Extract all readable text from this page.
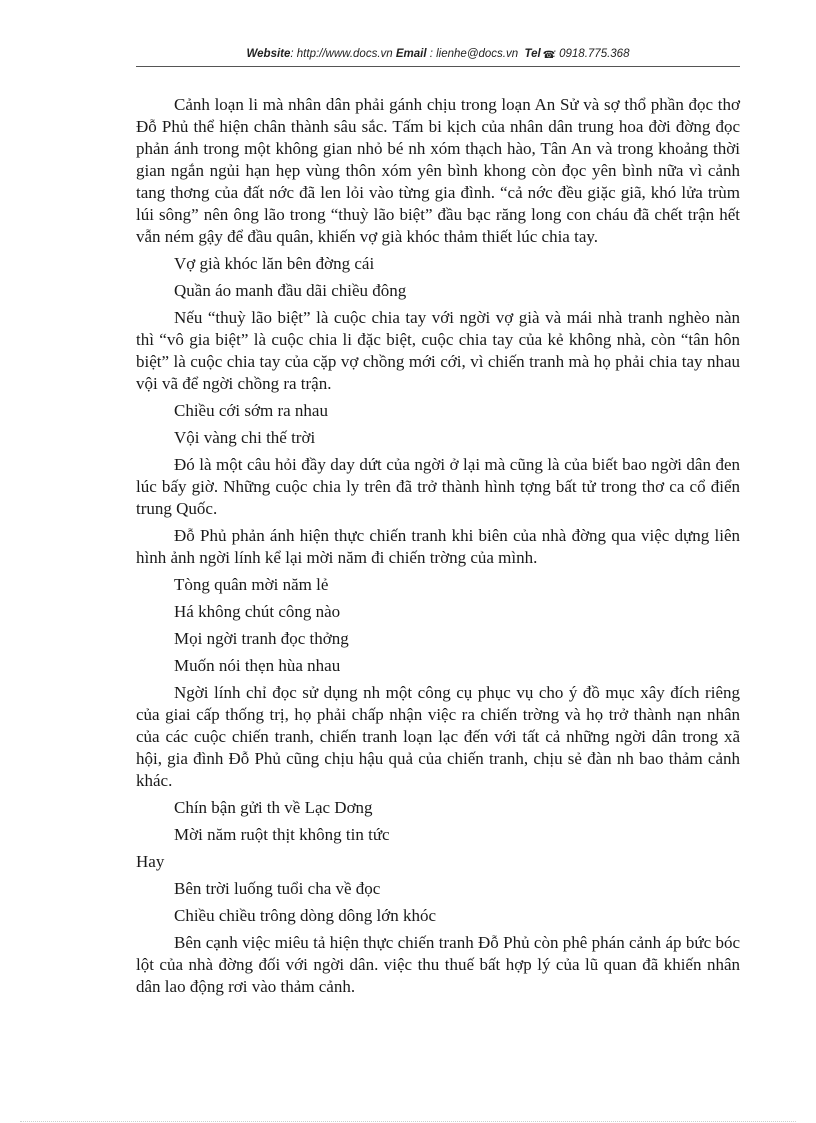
Website: http://www.docs.vn Email : lienhe@docs.vn Tel ☎: 0918.775.368

Cảnh loạn li mà nhân dân phải gánh chịu trong loạn An Sử và sợ thổ phần đọc thơ Đỗ Phủ thể hiện chân thành sâu sắc. Tấm bi kịch của nhân dân trung hoa đời đờng đọc phản ánh trong một không gian nhỏ bé nh xóm thạch hào, Tân An và trong khoảng thời gian ngắn ngủi hạn hẹp vùng thôn xóm yên bình khong còn đọc yên bình nữa vì cảnh tang thơng của đất nớc đã len lỏi vào từng gia đình. “cả nớc đều giặc giã, khó lửa trùm lúi sông” nên ông lão trong “thuỳ lão biệt” đầu bạc răng long con cháu đã chết trận hết vẫn ném gậy để đầu quân, khiến vợ già khóc thảm thiết lúc chia tay.

Vợ già khóc lăn bên đờng cái

Quần áo manh đầu dãi chiều đông

Nếu “thuỳ lão biệt” là cuộc chia tay với ngời vợ già và mái nhà tranh nghèo nàn thì “vô gia biệt” là cuộc chia li đặc biệt, cuộc chia tay của kẻ không nhà, còn “tân hôn biệt” là cuộc chia tay của cặp vợ chồng mới cới, vì chiến tranh mà họ phải chia tay nhau vội vã để ngời chồng ra trận.

Chiều cới sớm ra nhau

Vội vàng chi thế trời

Đó là một câu hỏi đầy day dứt của ngời ở lại mà cũng là của biết bao ngời dân đen lúc bấy giờ. Những cuộc chia ly trên đã trở thành hình tợng bất tử trong thơ ca cổ điển trung Quốc.

Đỗ Phủ phản ánh hiện thực chiến tranh khi biên của nhà đờng qua việc dựng liên hình ảnh ngời lính kể lại mời năm đi chiến trờng của mình.

Tòng quân mời năm lẻ

Há không chút công nào

Mọi ngời tranh đọc thởng

Muốn nói thẹn hùa nhau

Ngời lính chỉ đọc sử dụng nh một công cụ phục vụ cho ý đồ mục xây đích riêng của giai cấp thống trị, họ phải chấp nhận việc ra chiến trờng và họ trở thành nạn nhân của các cuộc chiến tranh, chiến tranh loạn lạc đến với tất cả những ngời dân trong xã hội, gia đình Đỗ Phủ cũng chịu hậu quả của chiến tranh, chịu sẻ đàn nh bao thảm cảnh khác.

Chín bận gửi th về Lạc Dơng

Mời năm ruột thịt không tin tức

Hay

Bên trời luống tuổi cha về đọc

Chiều chiều trông dòng dông lớn khóc

Bên cạnh việc miêu tả hiện thực chiến tranh Đỗ Phủ còn phê phán cảnh áp bức bóc lột của nhà đờng đối với ngời dân. việc thu thuế bất hợp lý của lũ quan đã khiến nhân dân lao động rơi vào thảm cảnh.
